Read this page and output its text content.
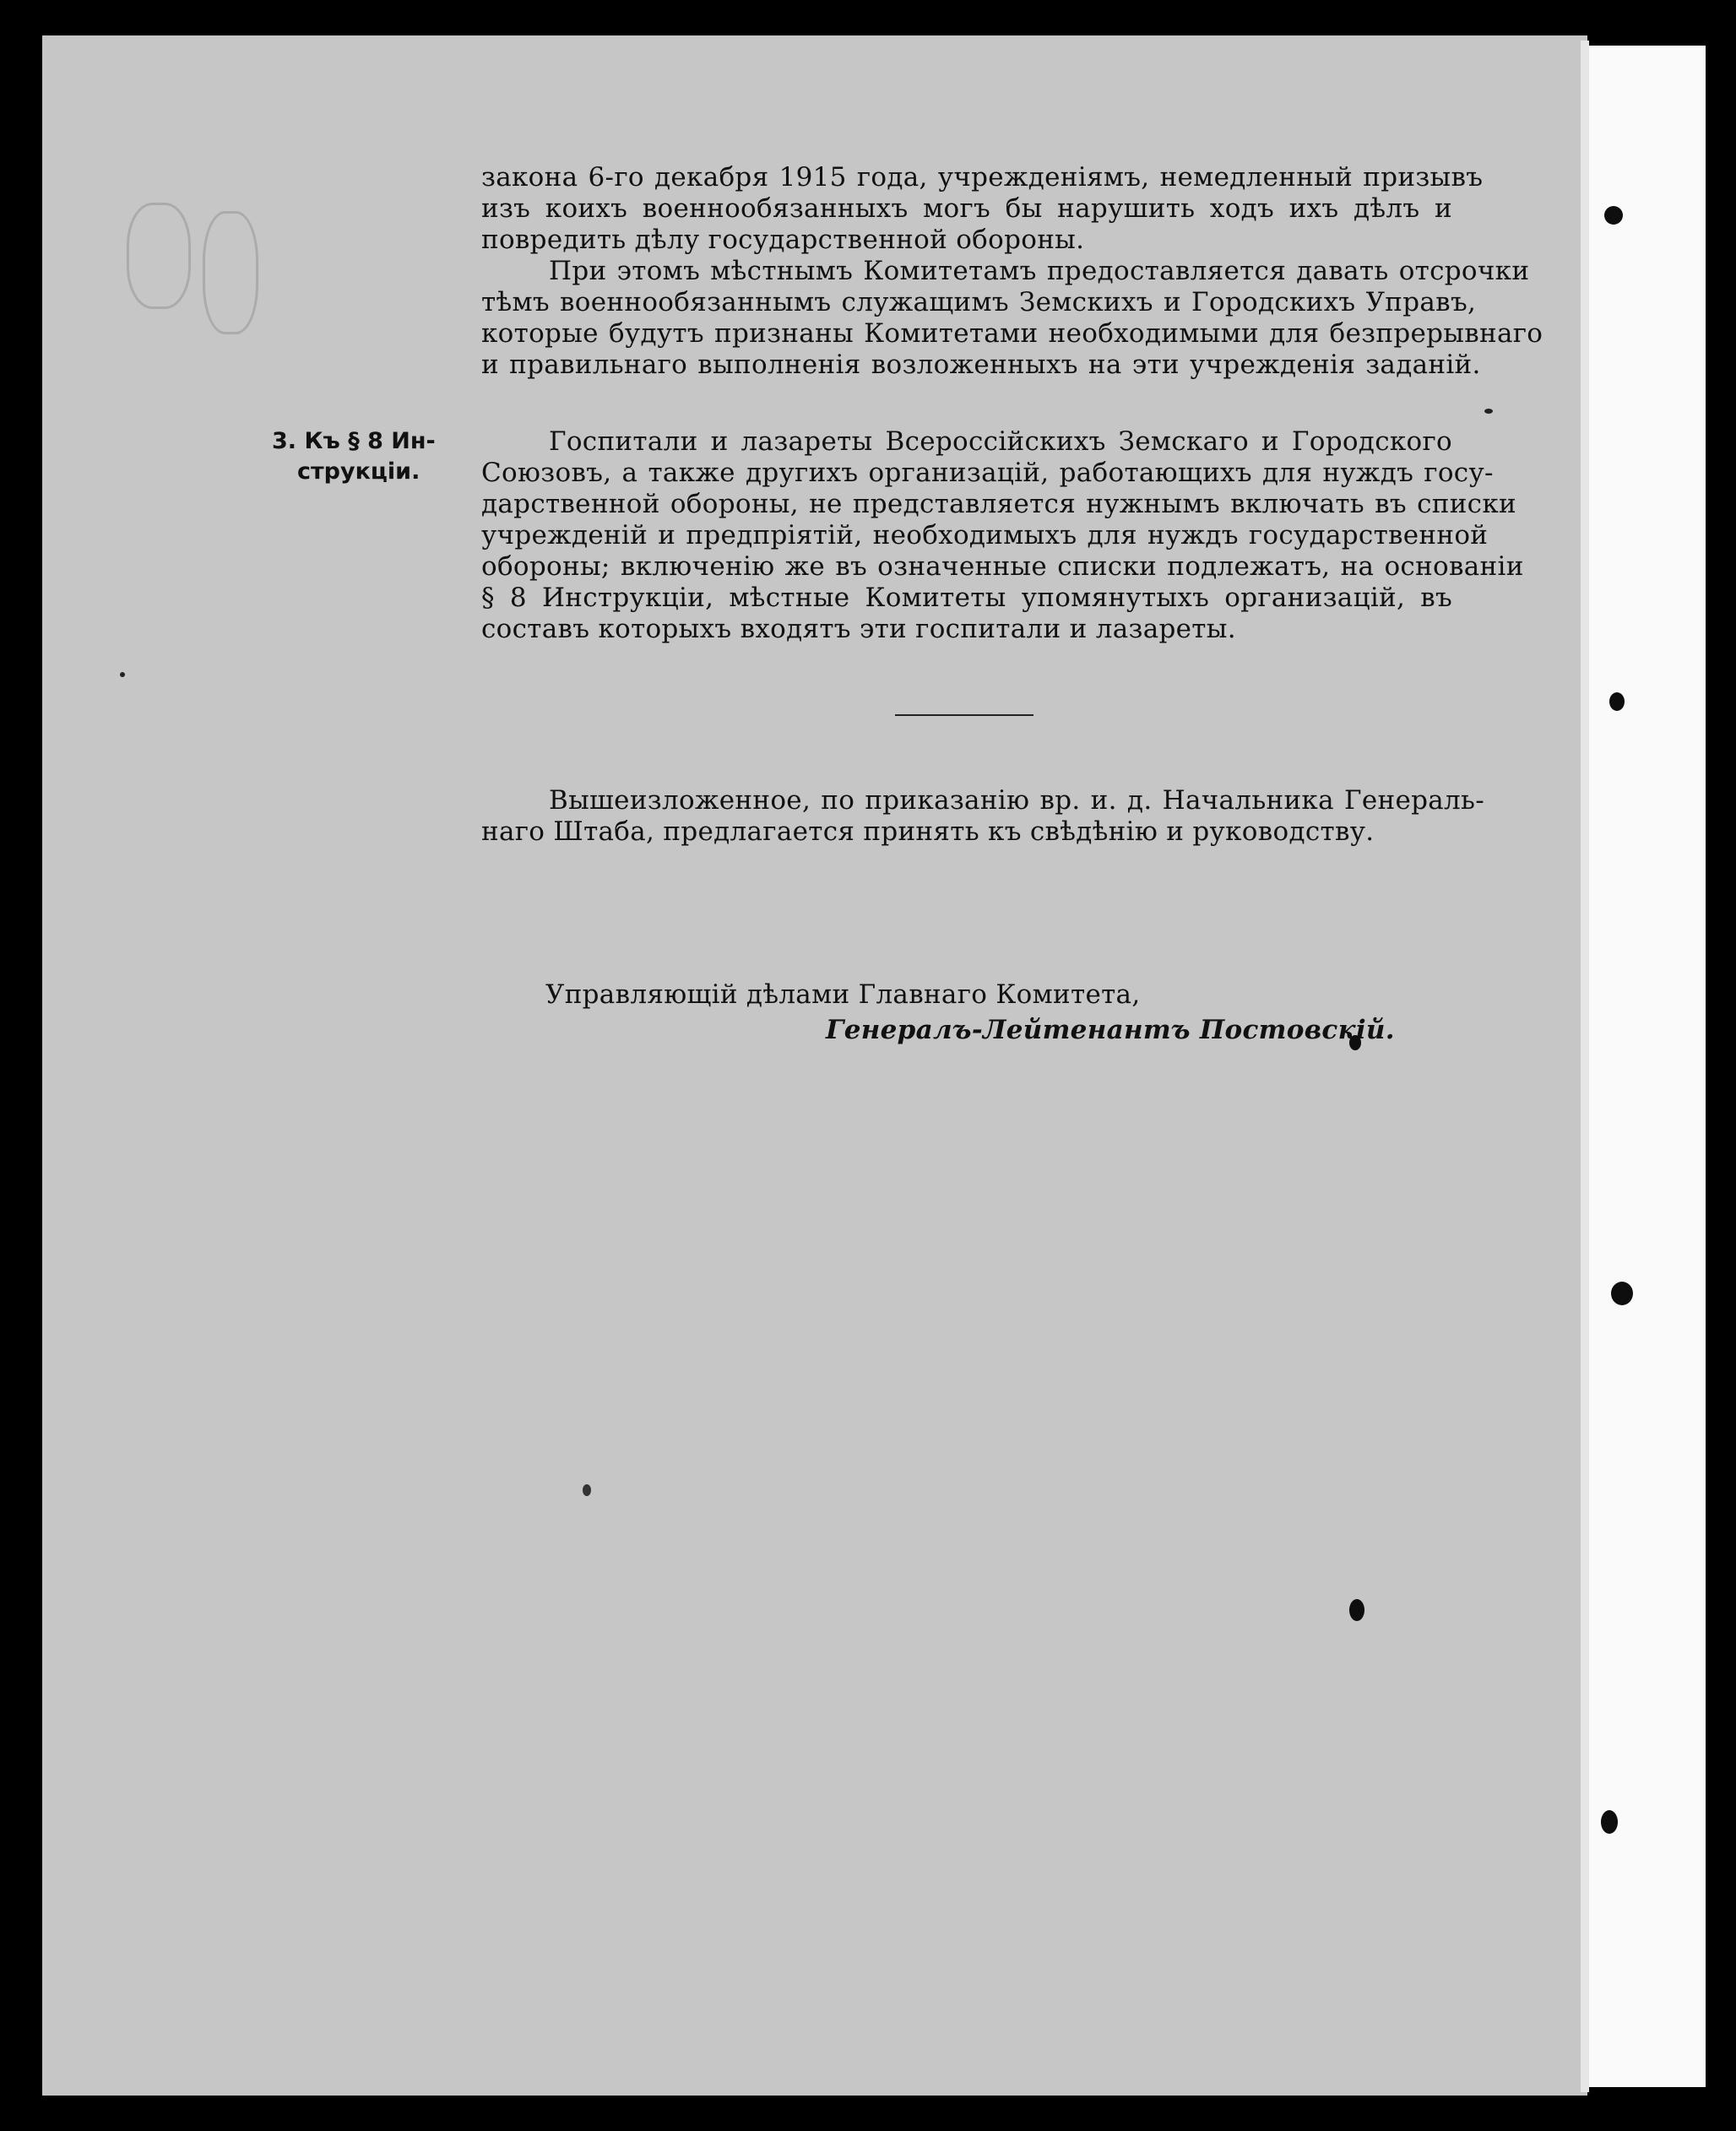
закона 6-го декабря 1915 года, учрежденіямъ, немедленный призывъ
изъ коихъ военнообязанныхъ могъ бы нарушить ходъ ихъ дѣлъ и
повредить дѣлу государственной обороны.
При этомъ мѣстнымъ Комитетамъ предоставляется давать отсрочки
тѣмъ военнообязаннымъ служащимъ Земскихъ и Городскихъ Управъ,
которые будутъ признаны Комитетами необходимыми для безпрерывнаго
и правильнаго выполненія возложенныхъ на эти учрежденія заданій.
3. Къ § 8 Ин-
струкціи.
Госпитали и лазареты Всероссійскихъ Земскаго и Городского
Союзовъ, а также другихъ организацій, работающихъ для нуждъ госу-
дарственной обороны, не представляется нужнымъ включать въ списки
учрежденій и предпріятій, необходимыхъ для нуждъ государственной
обороны; включенію же въ означенные списки подлежатъ, на основаніи
§ 8 Инструкціи, мѣстные Комитеты упомянутыхъ организацій, въ
составъ которыхъ входятъ эти госпитали и лазареты.
Вышеизложенное, по приказанію вр. и. д. Начальника Генераль-
наго Штаба, предлагается принять къ свѣдѣнію и руководству.
Управляющій дѣлами Главнаго Комитета,
Генералъ-Лейтенантъ Постовскій.
